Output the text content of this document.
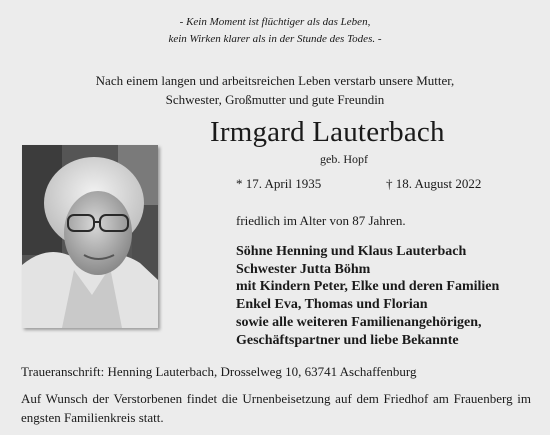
- Kein Moment ist flüchtiger als das Leben,
kein Wirken klarer als in der Stunde des Todes. -
Nach einem langen und arbeitsreichen Leben verstarb unsere Mutter,
Schwester, Großmutter und gute Freundin
Irmgard Lauterbach
geb. Hopf
* 17. April 1935	† 18. August 2022
friedlich im Alter von 87 Jahren.
Söhne Henning und Klaus Lauterbach
Schwester Jutta Böhm
mit Kindern Peter, Elke und deren Familien
Enkel Eva, Thomas und Florian
sowie alle weiteren Familienangehörigen,
Geschäftspartner und liebe Bekannte
Traueranschrift: Henning Lauterbach, Drosselweg 10, 63741 Aschaffenburg
Auf Wunsch der Verstorbenen findet die Urnenbeisetzung auf dem Friedhof am Frauenberg im engsten Familienkreis statt.
